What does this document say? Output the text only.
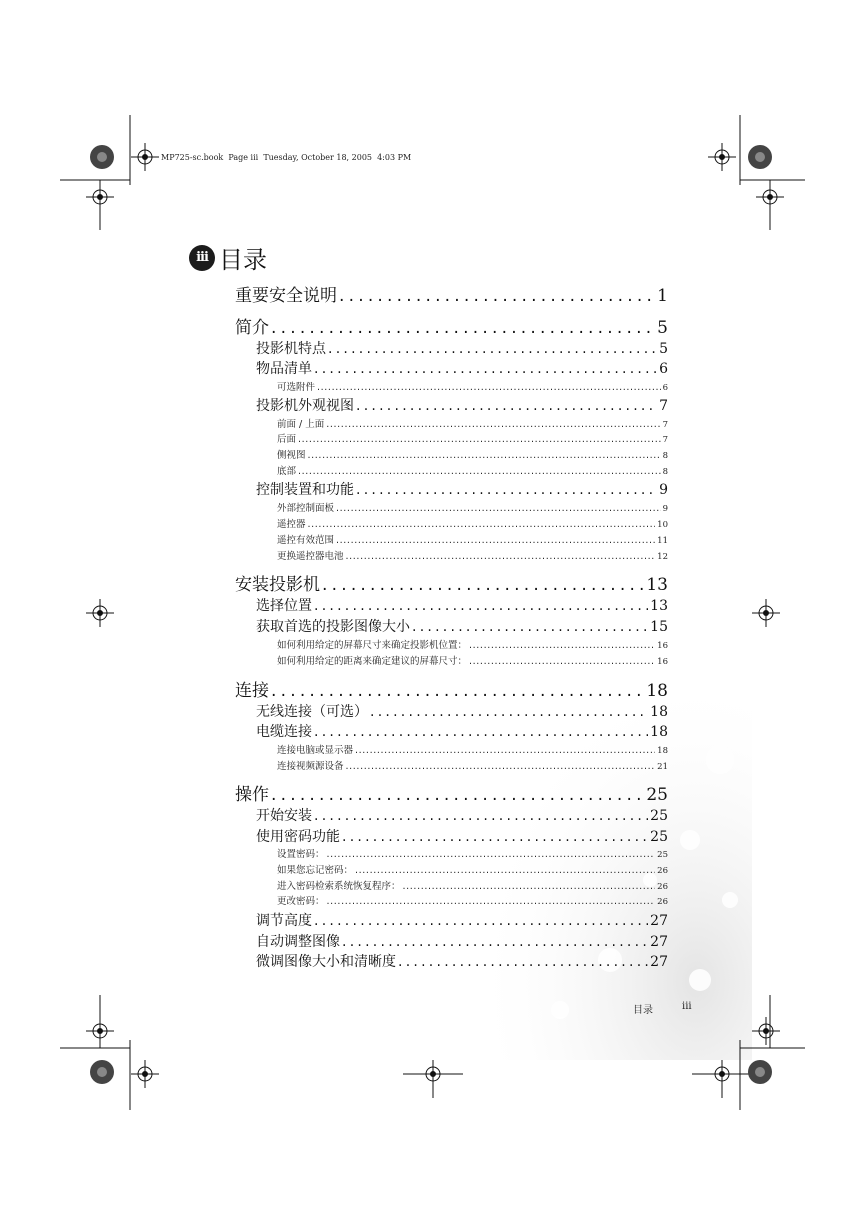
MP725-sc.book  Page iii  Tuesday, October 18, 2005  4:03 PM
iii 目录
重要安全说明 . . .	1
简介 . . .	5
投影机特点 . . .	5
物品清单 . . .	6
可选附件 . . .	6
投影机外观视图 . . .	7
前面 / 上面 . . .	7
后面 . . .	7
侧视图 . . .	8
底部 . . .	8
控制装置和功能 . . .	9
外部控制面板 . . .	9
遥控器 . . .	10
遥控有效范围 . . .	11
更换遥控器电池 . . .	12
安装投影机 . . .	13
选择位置 . . .	13
获取首选的投影图像大小 . . .	15
如何利用给定的屏幕尺寸来确定投影机位置： . . .	16
如何利用给定的距离来确定建议的屏幕尺寸： . . .	16
连接 . . .	18
无线连接（可选） . . .	18
电缆连接 . . .	18
连接电脑或显示器 . . .	18
连接视频源设备 . . .	21
操作 . . .	25
开始安装 . . .	25
使用密码功能 . . .	25
设置密码： . . .	25
如果您忘记密码： . . .	26
进入密码检索系统恢复程序： . . .	26
更改密码： . . .	26
调节高度 . . .	27
自动调整图像 . . .	27
微调图像大小和清晰度 . . .	27
目录	iii
